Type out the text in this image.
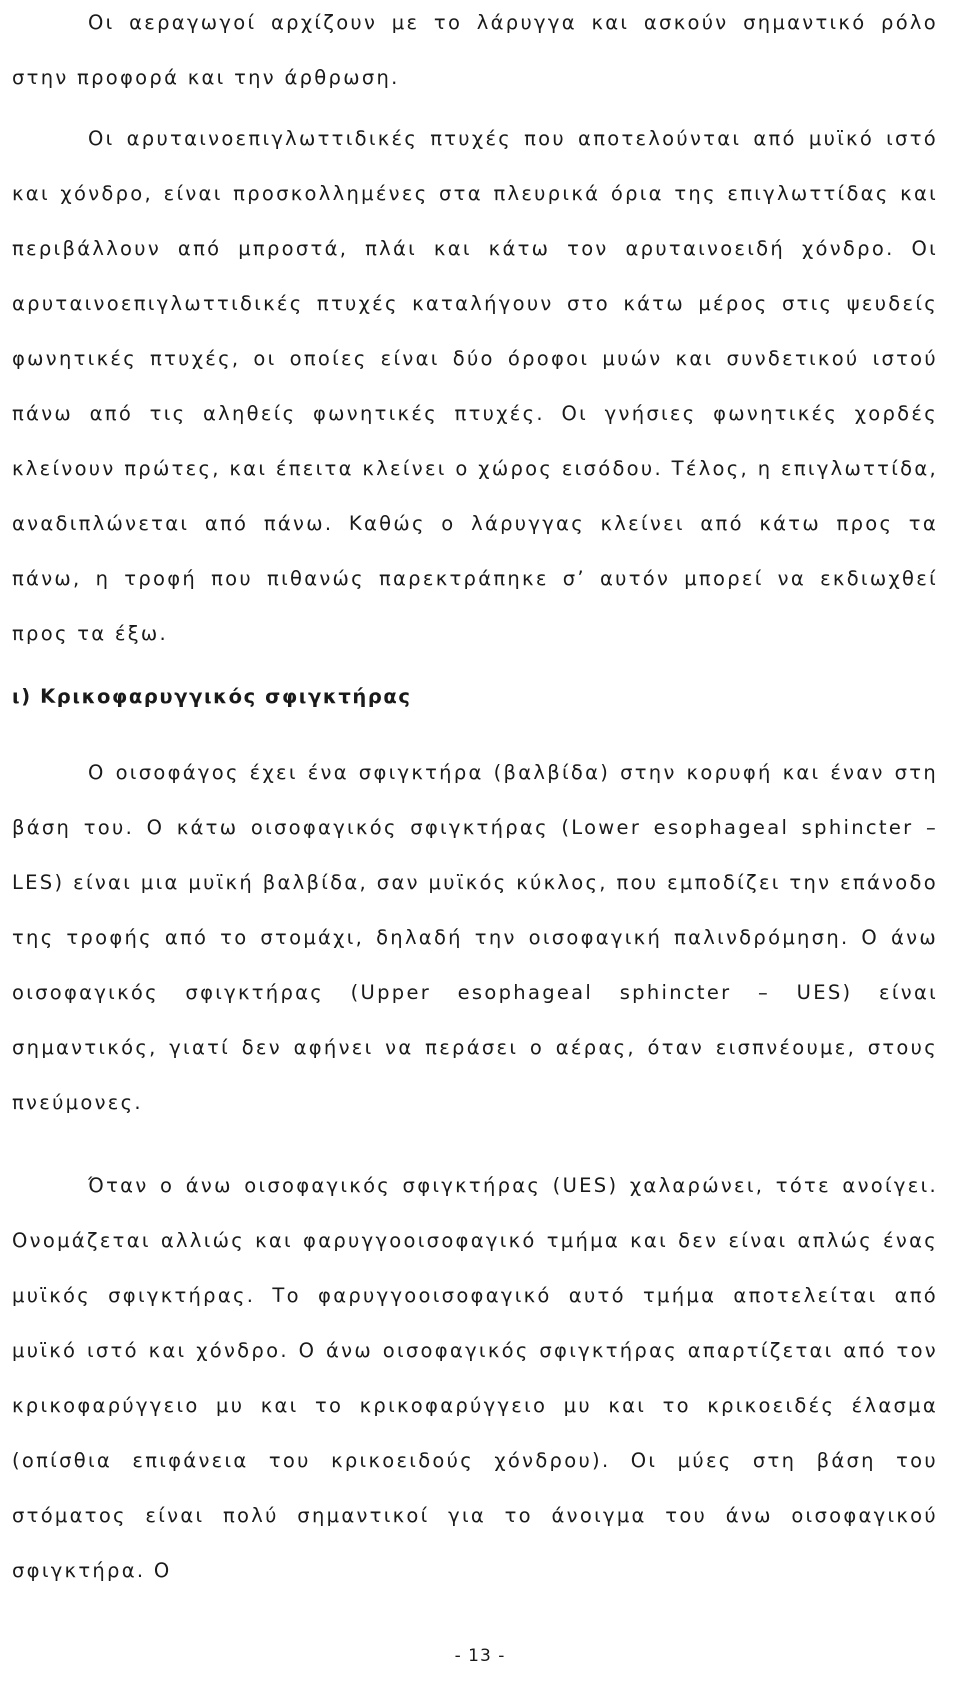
Οι αεραγωγοί αρχίζουν με το λάρυγγα και ασκούν σημαντικό ρόλο στην προφορά και την άρθρωση.

Οι αρυταινοεπιγλωττιδικές πτυχές που αποτελούνται από μυϊκό ιστό και χόνδρο, είναι προσκολλημένες στα πλευρικά όρια της επιγλωττίδας και περιβάλλουν από μπροστά, πλάι και κάτω τον αρυταινοειδή χόνδρο. Οι αρυταινοεπιγλωττιδικές πτυχές καταλήγουν στο κάτω μέρος στις ψευδείς φωνητικές πτυχές, οι οποίες είναι δύο όροφοι μυών και συνδετικού ιστού πάνω από τις αληθείς φωνητικές πτυχές. Οι γνήσιες φωνητικές χορδές κλείνουν πρώτες, και έπειτα κλείνει ο χώρος εισόδου. Τέλος, η επιγλωττίδα, αναδιπλώνεται από πάνω. Καθώς ο λάρυγγας κλείνει από κάτω προς τα πάνω, η τροφή που πιθανώς παρεκτράπηκε σ’ αυτόν μπορεί να εκδιωχθεί προς τα έξω.

ι) Κρικοφαρυγγικός σφιγκτήρας

Ο οισοφάγος έχει ένα σφιγκτήρα (βαλβίδα) στην κορυφή και έναν στη βάση του. Ο κάτω οισοφαγικός σφιγκτήρας (Lower esophageal sphincter – LES) είναι μια μυϊκή βαλβίδα, σαν μυϊκός κύκλος, που εμποδίζει την επάνοδο της τροφής από το στομάχι, δηλαδή την οισοφαγική παλινδρόμηση. Ο άνω οισοφαγικός σφιγκτήρας (Upper esophageal sphincter – UES) είναι σημαντικός, γιατί δεν αφήνει να περάσει ο αέρας, όταν εισπνέουμε, στους πνεύμονες.

Όταν ο άνω οισοφαγικός σφιγκτήρας (UES) χαλαρώνει, τότε ανοίγει. Ονομάζεται αλλιώς και φαρυγγοοισοφαγικό τμήμα και δεν είναι απλώς ένας μυϊκός σφιγκτήρας. Το φαρυγγοοισοφαγικό αυτό τμήμα αποτελείται από μυϊκό ιστό και χόνδρο. Ο άνω οισοφαγικός σφιγκτήρας απαρτίζεται από τον κρικοφαρύγγειο μυ και το κρικοφαρύγγειο μυ και το κρικοειδές έλασμα (οπίσθια επιφάνεια του κρικοειδούς χόνδρου). Οι μύες στη βάση του στόματος είναι πολύ σημαντικοί για το άνοιγμα του άνω οισοφαγικού σφιγκτήρα. Ο

- 13 -
